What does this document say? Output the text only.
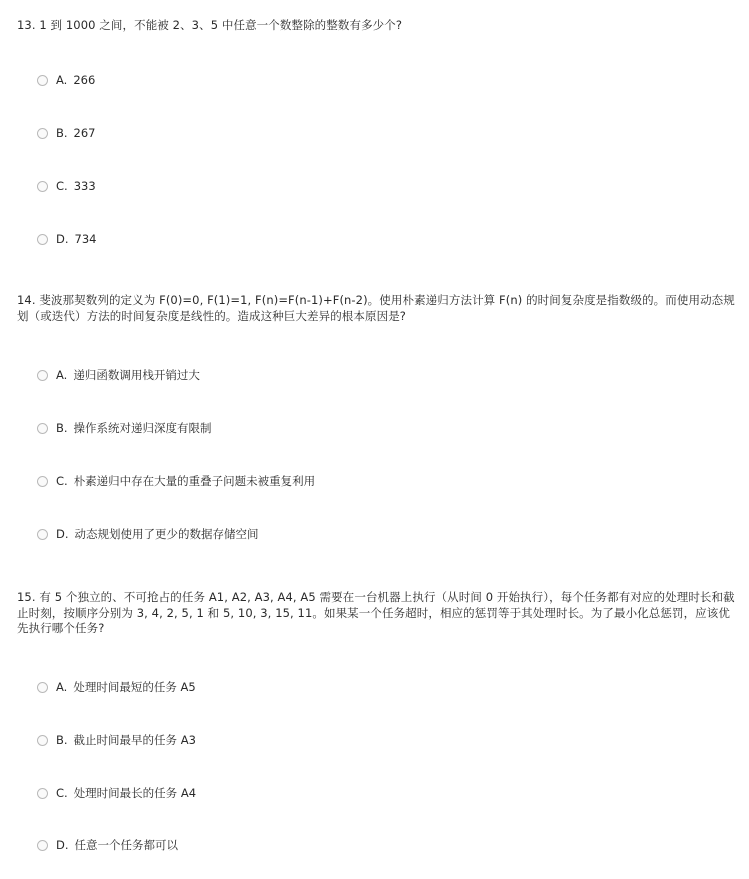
13. 1 到 1000 之间，不能被 2、3、5 中任意一个数整除的整数有多少个?
A. 266
B. 267
C. 333
D. 734
14. 斐波那契数列的定义为 F(0)=0, F(1)=1, F(n)=F(n-1)+F(n-2)。使用朴素递归方法计算 F(n) 的时间复杂度是指数级的。而使用动态规划（或迭代）方法的时间复杂度是线性的。造成这种巨大差异的根本原因是?
A. 递归函数调用栈开销过大
B. 操作系统对递归深度有限制
C. 朴素递归中存在大量的重叠子问题未被重复利用
D. 动态规划使用了更少的数据存储空间
15. 有 5 个独立的、不可抢占的任务 A1, A2, A3, A4, A5 需要在一台机器上执行（从时间 0 开始执行），每个任务都有对应的处理时长和截止时刻，按顺序分别为 3, 4, 2, 5, 1 和 5, 10, 3, 15, 11。如果某一个任务超时，相应的惩罚等于其处理时长。为了最小化总惩罚，应该优先执行哪个任务?
A. 处理时间最短的任务 A5
B. 截止时间最早的任务 A3
C. 处理时间最长的任务 A4
D. 任意一个任务都可以
